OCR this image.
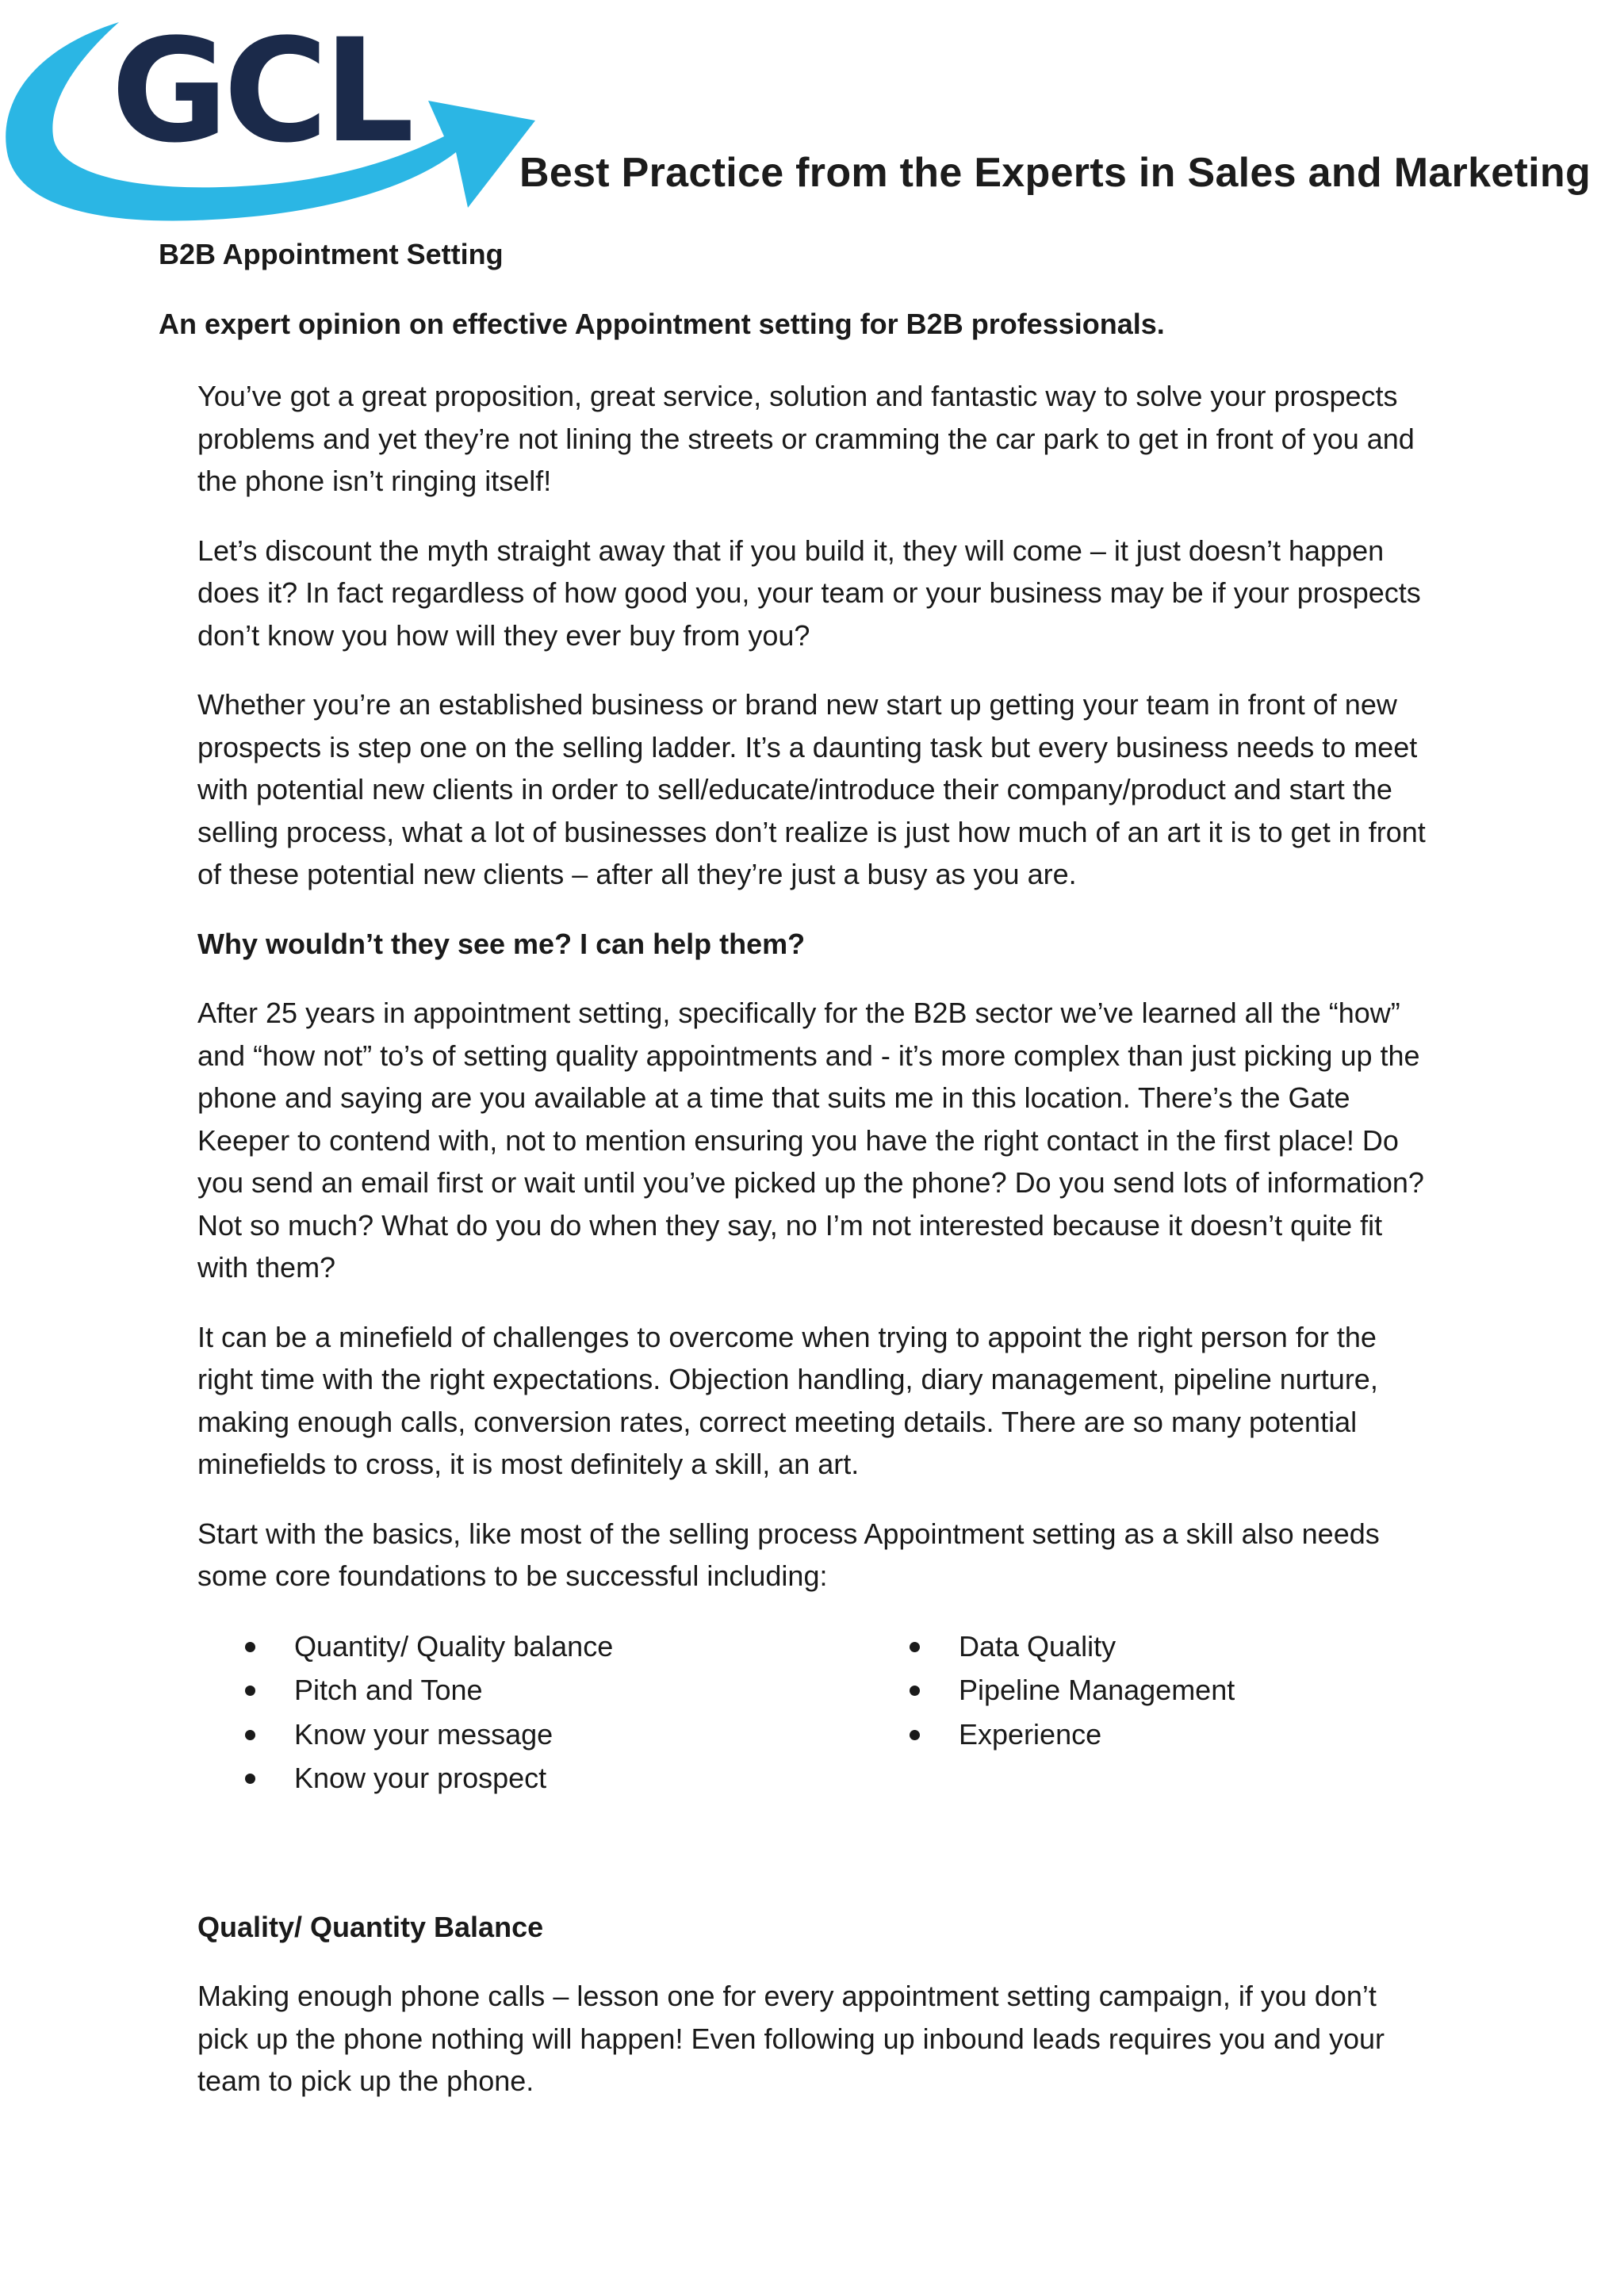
GCL	Best Practice from the Experts in Sales and Marketing
B2B Appointment Setting
An expert opinion on effective Appointment setting for B2B professionals.

You’ve got a great proposition, great service, solution and fantastic way to solve your prospects problems and yet they’re not lining the streets or cramming the car park to get in front of you and the phone isn’t ringing itself!

Let’s discount the myth straight away that if you build it, they will come – it just doesn’t happen does it? In fact regardless of how good you, your team or your business may be if your prospects don’t know you how will they ever buy from you?

Whether you’re an established business or brand new start up getting your team in front of new prospects is step one on the selling ladder. It’s a daunting task but every business needs to meet with potential new clients in order to sell/educate/introduce their company/product and start the selling process, what a lot of businesses don’t realize is just how much of an art it is to get in front of these potential new clients – after all they’re just a busy as you are.

Why wouldn’t they see me? I can help them?

After 25 years in appointment setting, specifically for the B2B sector we’ve learned all the “how” and “how not” to’s of setting quality appointments and - it’s more complex than just picking up the phone and saying are you available at a time that suits me in this location. There’s the Gate Keeper to contend with, not to mention ensuring you have the right contact in the first place! Do you send an email first or wait until you’ve picked up the phone? Do you send lots of information? Not so much? What do you do when they say, no I’m not interested because it doesn’t quite fit with them?

It can be a minefield of challenges to overcome when trying to appoint the right person for the right time with the right expectations. Objection handling, diary management, pipeline nurture, making enough calls, conversion rates, correct meeting details. There are so many potential minefields to cross, it is most definitely a skill, an art.

Start with the basics, like most of the selling process Appointment setting as a skill also needs some core foundations to be successful including:

Quantity/ Quality balance
Pitch and Tone
Know your message
Know your prospect
Data Quality
Pipeline Management
Experience

Quality/ Quantity Balance

Making enough phone calls – lesson one for every appointment setting campaign, if you don’t pick up the phone nothing will happen! Even following up inbound leads requires you and your team to pick up the phone.
